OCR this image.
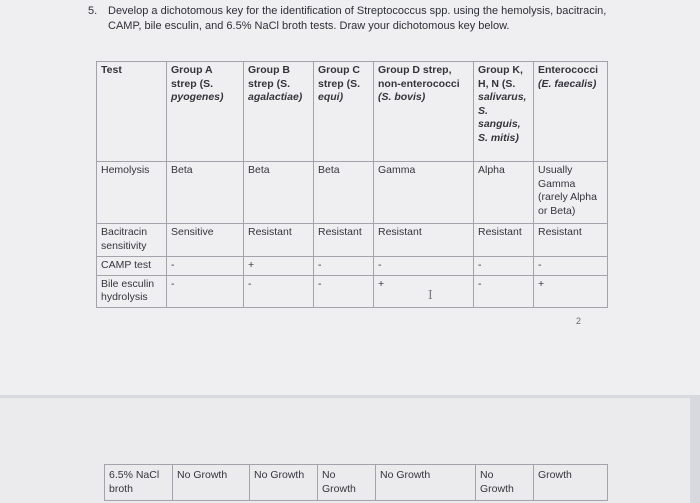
5. Develop a dichotomous key for the identification of Streptococcus spp. using the hemolysis, bacitracin, CAMP, bile esculin, and 6.5% NaCl broth tests. Draw your dichotomous key below.
Test	Group A strep (S. pyogenes)	Group B strep (S. agalactiae)	Group C strep (S. equi)	Group D strep, non-enterococci (S. bovis)	Group K, H, N (S. salivarus, S. sanguis, S. mitis)	Enterococci (E. faecalis)
Hemolysis	Beta	Beta	Beta	Gamma	Alpha	Usually Gamma (rarely Alpha or Beta)
Bacitracin sensitivity	Sensitive	Resistant	Resistant	Resistant	Resistant	Resistant
CAMP test	-	+	-	-	-	-
Bile esculin hydrolysis	-	-	-	+	-	+
I
2
6.5% NaCl broth	No Growth	No Growth	No Growth	No Growth	No Growth	Growth
